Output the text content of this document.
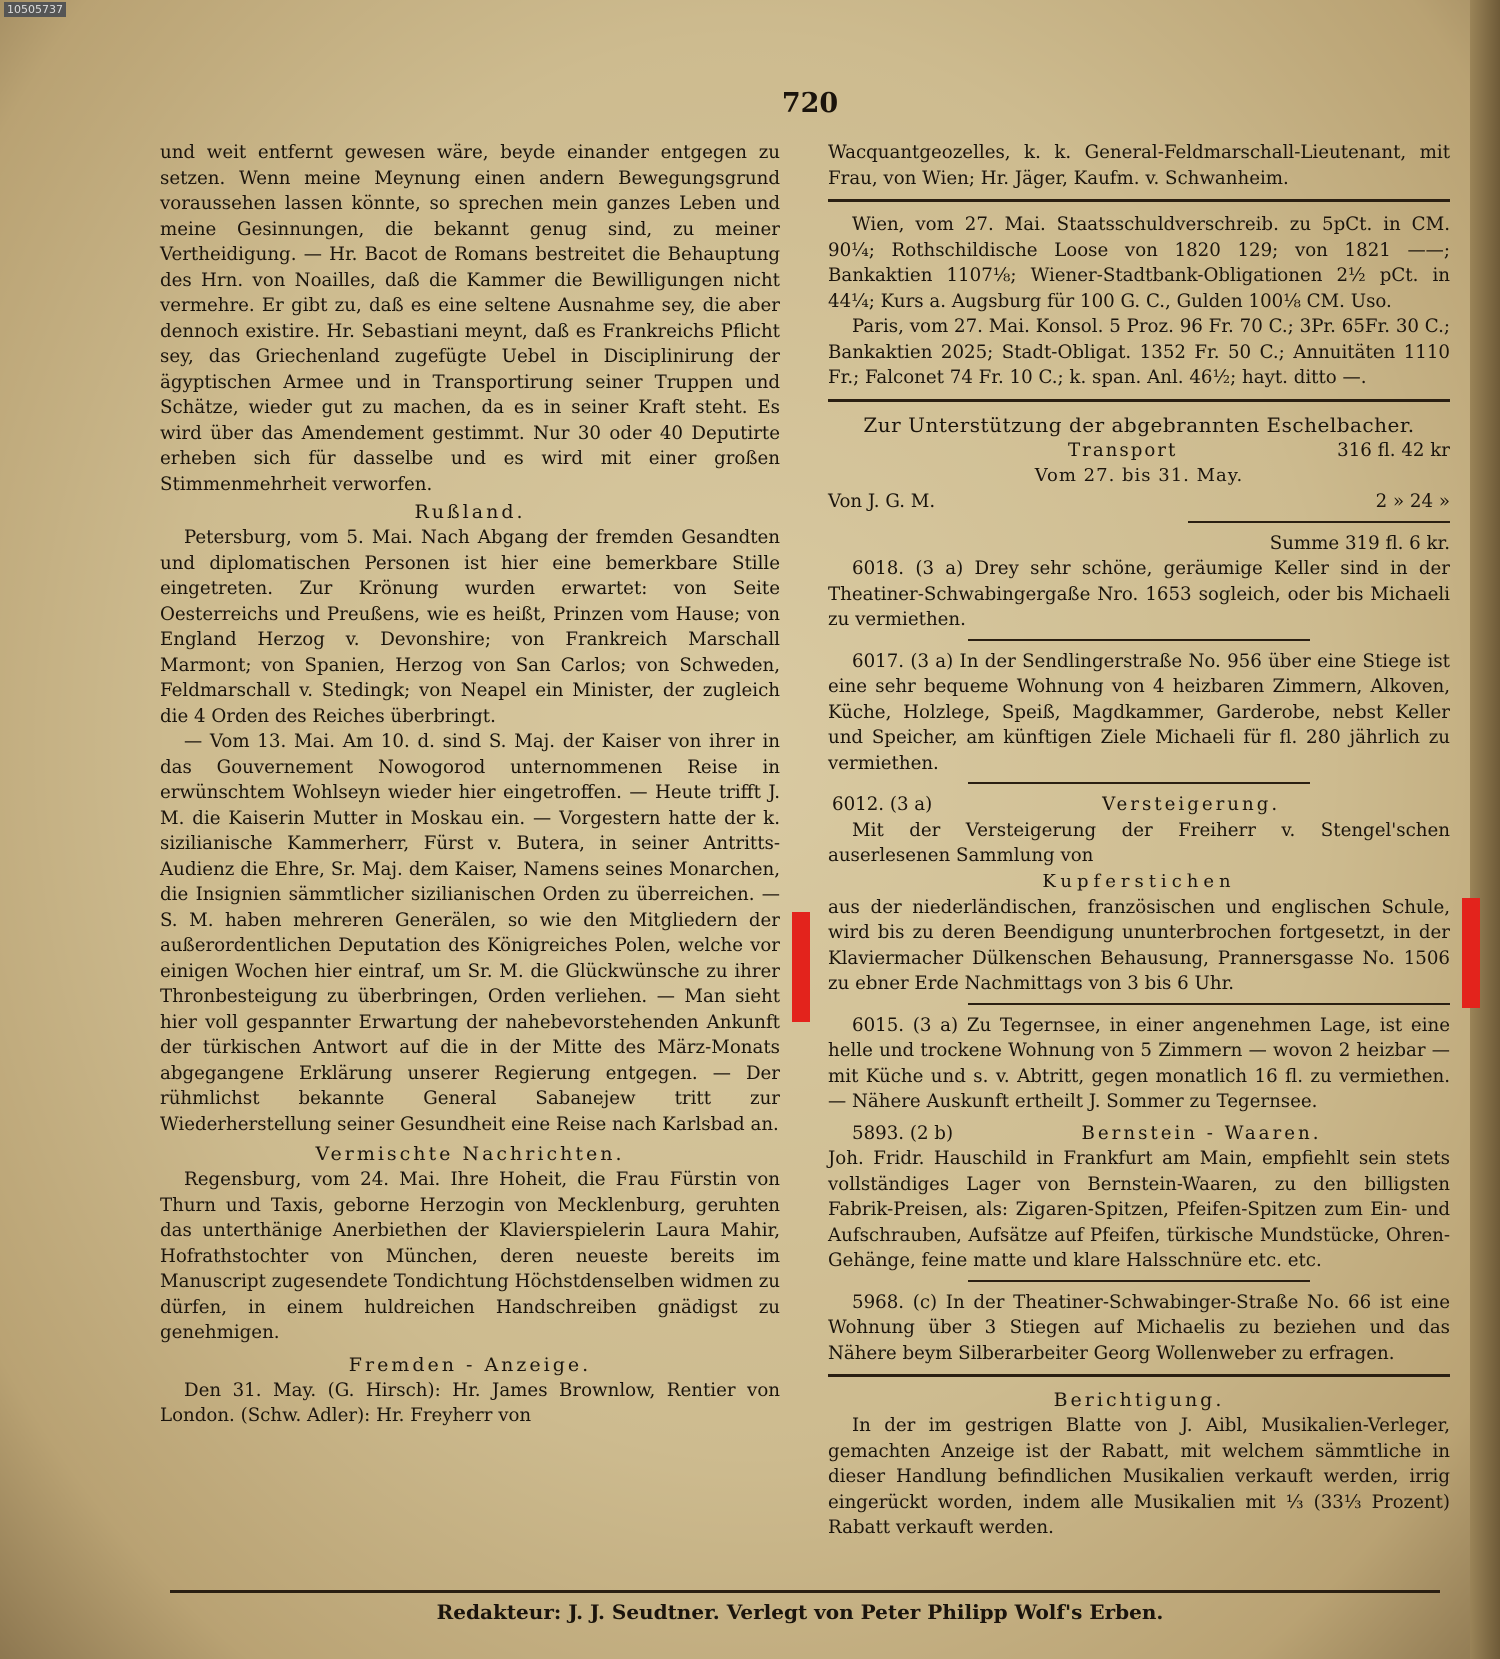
10505737
720

und weit entfernt gewesen wäre, beyde einander entgegen zu setzen. Wenn meine Meynung einen andern Bewegungsgrund voraussehen lassen könnte, so sprechen mein ganzes Leben und meine Gesinnungen, die bekannt genug sind, zu meiner Vertheidigung. — Hr. Bacot de Romans bestreitet die Behauptung des Hrn. von Noailles, daß die Kammer die Bewilligungen nicht vermehre. Er gibt zu, daß es eine seltene Ausnahme sey, die aber dennoch existire. Hr. Sebastiani meynt, daß es Frankreichs Pflicht sey, das Griechenland zugefügte Uebel in Disciplinirung der ägyptischen Armee und in Transportirung seiner Truppen und Schätze, wieder gut zu machen, da es in seiner Kraft steht. Es wird über das Amendement gestimmt. Nur 30 oder 40 Deputirte erheben sich für dasselbe und es wird mit einer großen Stimmenmehrheit verworfen.

Rußland.

Petersburg, vom 5. Mai. Nach Abgang der fremden Gesandten und diplomatischen Personen ist hier eine bemerkbare Stille eingetreten. Zur Krönung wurden erwartet: von Seite Oesterreichs und Preußens, wie es heißt, Prinzen vom Hause; von England Herzog v. Devonshire; von Frankreich Marschall Marmont; von Spanien, Herzog von San Carlos; von Schweden, Feldmarschall v. Stedingk; von Neapel ein Minister, der zugleich die 4 Orden des Reiches überbringt.

— Vom 13. Mai. Am 10. d. sind S. Maj. der Kaiser von ihrer in das Gouvernement Nowogorod unternommenen Reise in erwünschtem Wohlseyn wieder hier eingetroffen. — Heute trifft J. M. die Kaiserin Mutter in Moskau ein. — Vorgestern hatte der k. sizilianische Kammerherr, Fürst v. Butera, in seiner Antritts-Audienz die Ehre, Sr. Maj. dem Kaiser, Namens seines Monarchen, die Insignien sämmtlicher sizilianischen Orden zu überreichen. — S. M. haben mehreren Generälen, so wie den Mitgliedern der außerordentlichen Deputation des Königreiches Polen, welche vor einigen Wochen hier eintraf, um Sr. M. die Glückwünsche zu ihrer Thronbesteigung zu überbringen, Orden verliehen. — Man sieht hier voll gespannter Erwartung der nahebevorstehenden Ankunft der türkischen Antwort auf die in der Mitte des März-Monats abgegangene Erklärung unserer Regierung entgegen. — Der rühmlichst bekannte General Sabanejew tritt zur Wiederherstellung seiner Gesundheit eine Reise nach Karlsbad an.

Vermischte Nachrichten.

Regensburg, vom 24. Mai. Ihre Hoheit, die Frau Fürstin von Thurn und Taxis, geborne Herzogin von Mecklenburg, geruhten das unterthänige Anerbiethen der Klavierspielerin Laura Mahir, Hofrathstochter von München, deren neueste bereits im Manuscript zugesendete Tondichtung Höchstdenselben widmen zu dürfen, in einem huldreichen Handschreiben gnädigst zu genehmigen.

Fremden - Anzeige.

Den 31. May. (G. Hirsch): Hr. James Brownlow, Rentier von London. (Schw. Adler): Hr. Freyherr von

Wacquantgeozelles, k. k. General-Feldmarschall-Lieutenant, mit Frau, von Wien; Hr. Jäger, Kaufm. v. Schwanheim.

Wien, vom 27. Mai. Staatsschuldverschreib. zu 5pCt. in CM. 90¼; Rothschildische Loose von 1820 129; von 1821 ——; Bankaktien 1107⅛; Wiener-Stadtbank-Obligationen 2½ pCt. in 44¼; Kurs a. Augsburg für 100 G. C., Gulden 100⅛ CM. Uso.

Paris, vom 27. Mai. Konsol. 5 Proz. 96 Fr. 70 C.; 3Pr. 65Fr. 30 C.; Bankaktien 2025; Stadt-Obligat. 1352 Fr. 50 C.; Annuitäten 1110 Fr.; Falconet 74 Fr. 10 C.; k. span. Anl. 46½; hayt. ditto —.

Zur Unterstützung der abgebrannten Eschelbacher.

Transport	316 fl. 42 kr

Vom 27. bis 31. May.

Von J. G. M.	2 » 24 »
Summe 319 fl. 6 kr.

6018. (3 a) Drey sehr schöne, geräumige Keller sind in der Theatiner-Schwabingergaße Nro. 1653 sogleich, oder bis Michaeli zu vermiethen.

6017. (3 a) In der Sendlingerstraße No. 956 über eine Stiege ist eine sehr bequeme Wohnung von 4 heizbaren Zimmern, Alkoven, Küche, Holzlege, Speiß, Magdkammer, Garderobe, nebst Keller und Speicher, am künftigen Ziele Michaeli für fl. 280 jährlich zu vermiethen.

6012. (3 a)	Versteigerung.

Mit der Versteigerung der Freiherr v. Stengel'schen auserlesenen Sammlung von

Kupferstichen

aus der niederländischen, französischen und englischen Schule, wird bis zu deren Beendigung ununterbrochen fortgesetzt, in der Klaviermacher Dülkenschen Behausung, Prannersgasse No. 1506 zu ebner Erde Nachmittags von 3 bis 6 Uhr.

6015. (3 a) Zu Tegernsee, in einer angenehmen Lage, ist eine helle und trockene Wohnung von 5 Zimmern — wovon 2 heizbar — mit Küche und s. v. Abtritt, gegen monatlich 16 fl. zu vermiethen. — Nähere Auskunft ertheilt J. Sommer zu Tegernsee.

5893. (2 b)	Bernstein - Waaren.

Joh. Fridr. Hauschild in Frankfurt am Main, empfiehlt sein stets vollständiges Lager von Bernstein-Waaren, zu den billigsten Fabrik-Preisen, als: Zigaren-Spitzen, Pfeifen-Spitzen zum Ein- und Aufschrauben, Aufsätze auf Pfeifen, türkische Mundstücke, Ohren-Gehänge, feine matte und klare Halsschnüre etc. etc.

5968. (c) In der Theatiner-Schwabinger-Straße No. 66 ist eine Wohnung über 3 Stiegen auf Michaelis zu beziehen und das Nähere beym Silberarbeiter Georg Wollenweber zu erfragen.

Berichtigung.

In der im gestrigen Blatte von J. Aibl, Musikalien-Verleger, gemachten Anzeige ist der Rabatt, mit welchem sämmtliche in dieser Handlung befindlichen Musikalien verkauft werden, irrig eingerückt worden, indem alle Musikalien mit ⅓ (33⅓ Prozent) Rabatt verkauft werden.

Redakteur: J. J. Seudtner. Verlegt von Peter Philipp Wolf's Erben.
